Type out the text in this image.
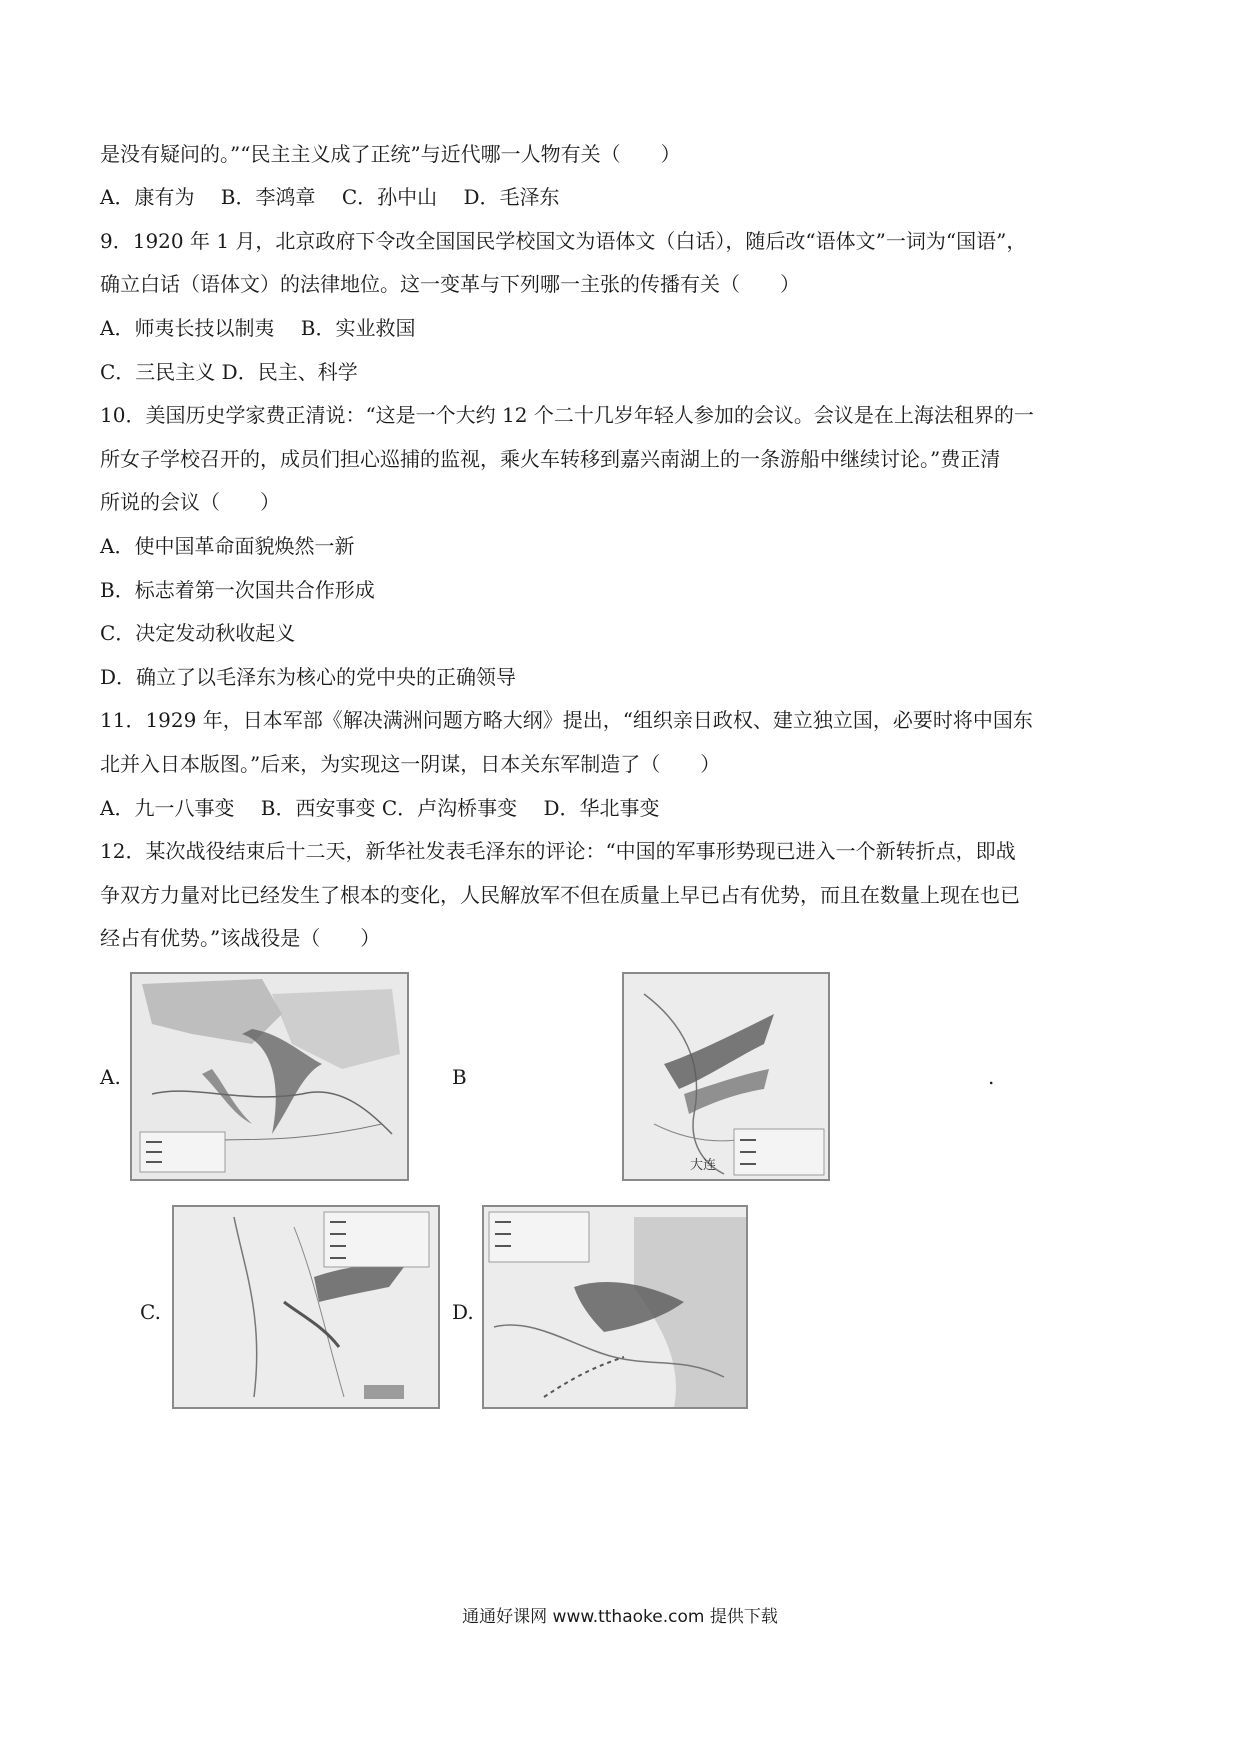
是没有疑问的。”“民主主义成了正统”与近代哪一人物有关（　　）
A．康有为　 B．李鸿章　 C．孙中山　 D．毛泽东
9．1920 年 1 月，北京政府下令改全国国民学校国文为语体文（白话），随后改“语体文”一词为“国语”，
确立白话（语体文）的法律地位。这一变革与下列哪一主张的传播有关（　　）
A．师夷长技以制夷　 B．实业救国
C．三民主义 D．民主、科学
10．美国历史学家费正清说：“这是一个大约 12 个二十几岁年轻人参加的会议。会议是在上海法租界的一
所女子学校召开的，成员们担心巡捕的监视，乘火车转移到嘉兴南湖上的一条游船中继续讨论。”费正清
所说的会议（　　）
A．使中国革命面貌焕然一新
B．标志着第一次国共合作形成
C．决定发动秋收起义
D．确立了以毛泽东为核心的党中央的正确领导
11．1929 年，日本军部《解决满洲问题方略大纲》提出，“组织亲日政权、建立独立国，必要时将中国东
北并入日本版图。”后来，为实现这一阴谋，日本关东军制造了（　　）
A．九一八事变　 B．西安事变 C．卢沟桥事变　 D．华北事变
12．某次战役结束后十二天，新华社发表毛泽东的评论：“中国的军事形势现已进入一个新转折点，即战
争双方力量对比已经发生了根本的变化，人民解放军不但在质量上早已占有优势，而且在数量上现在也已
经占有优势。”该战役是（　　）
A.	B	.
C.	D.
大连
通通好课网 www.tthaoke.com 提供下载
